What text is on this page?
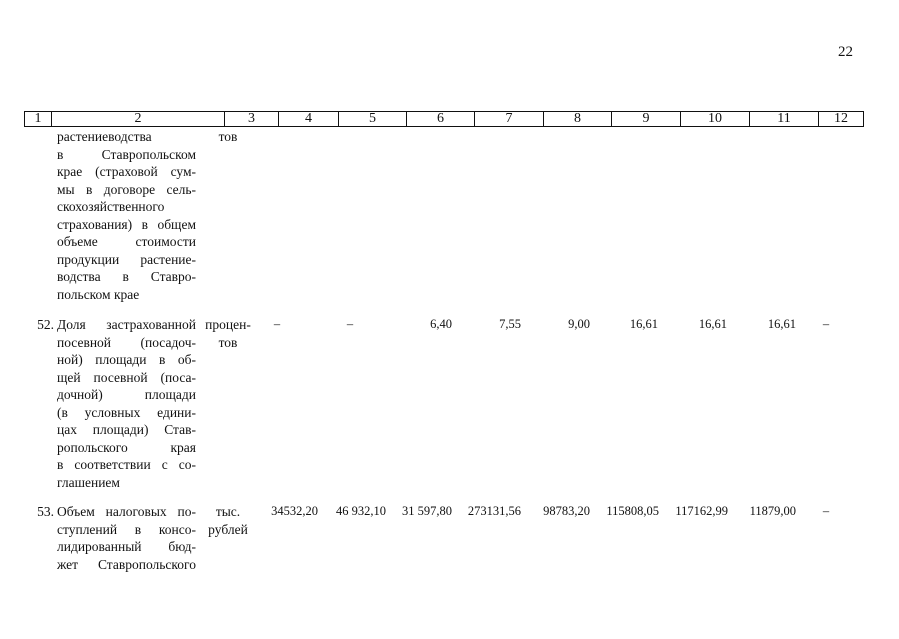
22
1	2	3	4	5	6	7	8	9	10	11	12
растениеводства
в Ставропольском
крае (страховой сум-
мы в договоре сель-
скохозяйственного
страхования) в общем
объеме стоимости
продукции растение-
водства в Ставро-
польском крае
тов
52. Доля застрахованной
посевной (посадоч-
ной) площади в об-
щей посевной (поса-
дочной) площади
(в условных едини-
цах площади) Став-
ропольского края
в соответствии с со-
глашением
процен-
тов
–	–	6,40	7,55	9,00	16,61	16,61	16,61	–
53. Объем налоговых по-
ступлений в консо-
лидированный бюд-
жет Ставропольского
тыс.
рублей
34532,20	46 932,10	31 597,80	273131,56	98783,20	115808,05	117162,99	11879,00	–
